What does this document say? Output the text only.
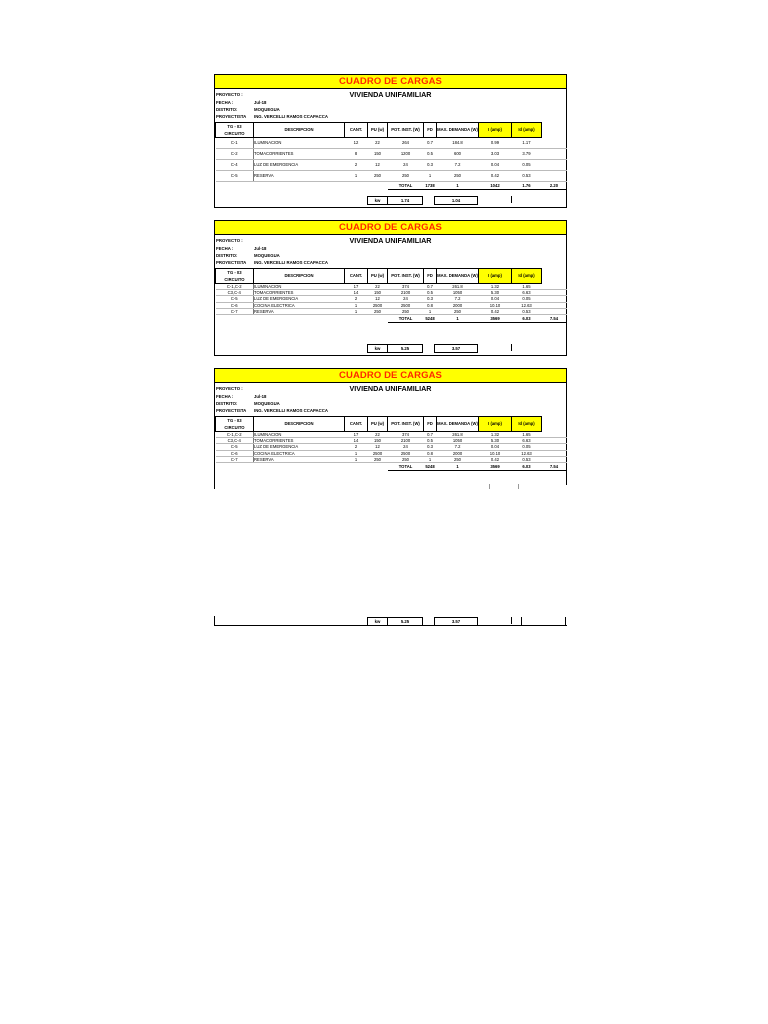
CUADRO DE CARGAS
VIVIENDA UNIFAMILIAR
PROYECTO :
FECHA :	Jul-18
DISTRITO:	MOQUEGUA
PROYECTISTA ING. VERCELLI RAMOS CCAPACCA
TG - 03
CIRCUITO	DESCRIPCION	CANT.	PU (w)	POT. INST. (W)	FD	MAX. DEMANDA (W)	I (amp)	Id (amp)	
C-1	ILUMINACION	12	22	264	0.7	184.8	0.99	1.17	
C-2	TOMACORRIENTES	8	150	1200	0.5	600	3.03	3.79	
C-4	LUZ DE EMERGENCIA	2	12	24	0.3	7.2	0.04	0.05	
C-5	RESERVA	1	250	250	1	250	0.42	0.53	
				TOTAL	1738	1	1042	1.76	2.20
kw	1.74	1.04
CUADRO DE CARGAS
VIVIENDA UNIFAMILIAR
PROYECTO :
FECHA :	Jul-18
DISTRITO:	MOQUEGUA
PROYECTISTA ING. VERCELLI RAMOS CCAPACCA
TG - 03
CIRCUITO	DESCRIPCION	CANT.	PU (w)	POT. INST. (W)	FD	MAX. DEMANDA (W)	I (amp)	Id (amp)	
C-1,C-2	ILUMINACION	17	22	374	0.7	261.8	1.32	1.65	
C3,C-4	TOMACORRIENTES	14	150	2100	0.5	1050	5.30	6.63	
C-5	LUZ DE EMERGENCIA	2	12	24	0.3	7.2	0.04	0.05	
C-6	COCINA ELECTRICA	1	2500	2500	0.8	2000	10.10	12.63	
C-7	RESERVA	1	250	250	1	250	0.42	0.53	
				TOTAL	5248	1	3569	6.03	7.54
kw	5.25	3.57
CUADRO DE CARGAS
VIVIENDA UNIFAMILIAR
PROYECTO :
FECHA :	Jul-18
DISTRITO:	MOQUEGUA
PROYECTISTA ING. VERCELLI RAMOS CCAPACCA
TG - 03
CIRCUITO	DESCRIPCION	CANT.	PU (w)	POT. INST. (W)	FD	MAX. DEMANDA (W)	I (amp)	Id (amp)	
C-1,C-2	ILUMINACION	17	22	374	0.7	261.8	1.32	1.65	
C3,C-4	TOMACORRIENTES	14	150	2100	0.5	1050	5.30	6.63	
C-5	LUZ DE EMERGENCIA	2	12	24	0.3	7.2	0.04	0.05	
C-6	COCINA ELECTRICA	1	2500	2500	0.8	2000	10.10	12.63	
C-7	RESERVA	1	250	250	1	250	0.42	0.53	
				TOTAL	5248	1	3569	6.03	7.54
kw	5.25	3.57
